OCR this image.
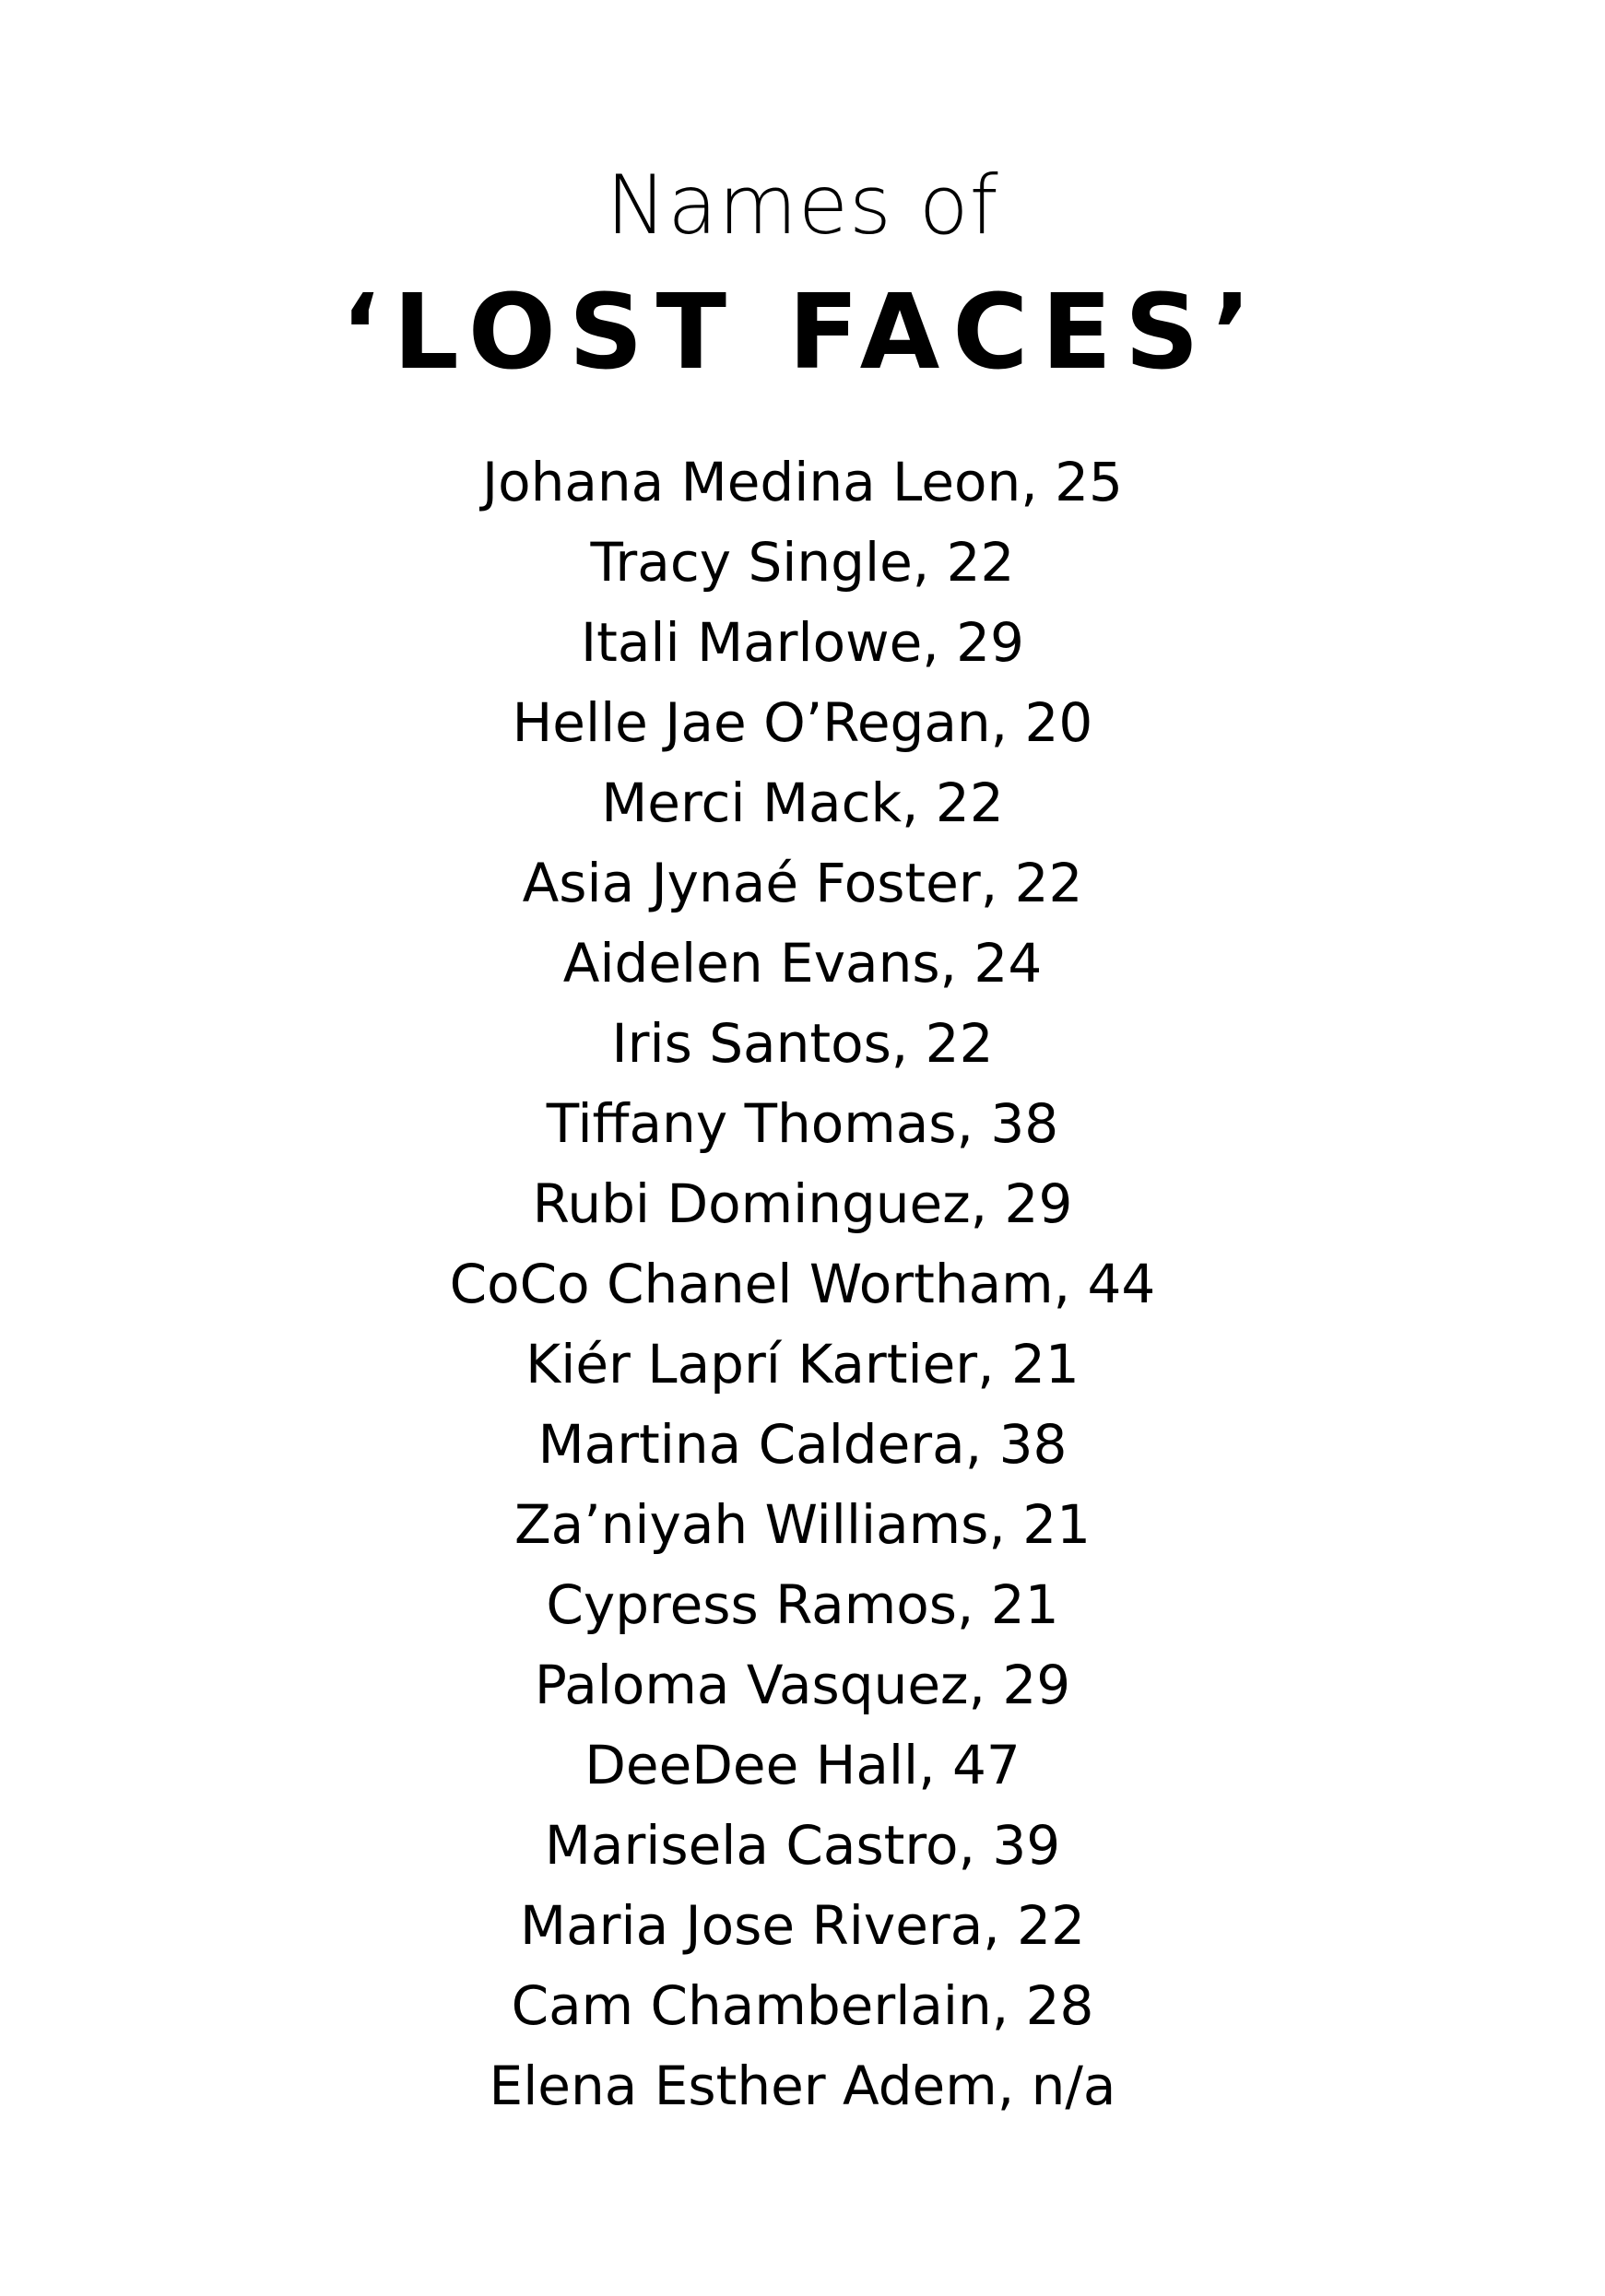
Names of
‘LOST FACES’
Johana Medina Leon, 25
Tracy Single, 22
Itali Marlowe, 29
Helle Jae O’Regan, 20
Merci Mack, 22
Asia Jynaé Foster, 22
Aidelen Evans, 24
Iris Santos, 22
Tiffany Thomas, 38
Rubi Dominguez, 29
CoCo Chanel Wortham, 44
Kiér Laprí Kartier, 21
Martina Caldera, 38
Za’niyah Williams, 21
Cypress Ramos, 21
Paloma Vasquez, 29
DeeDee Hall, 47
Marisela Castro, 39
Maria Jose Rivera, 22
Cam Chamberlain, 28
Elena Esther Adem, n/a
